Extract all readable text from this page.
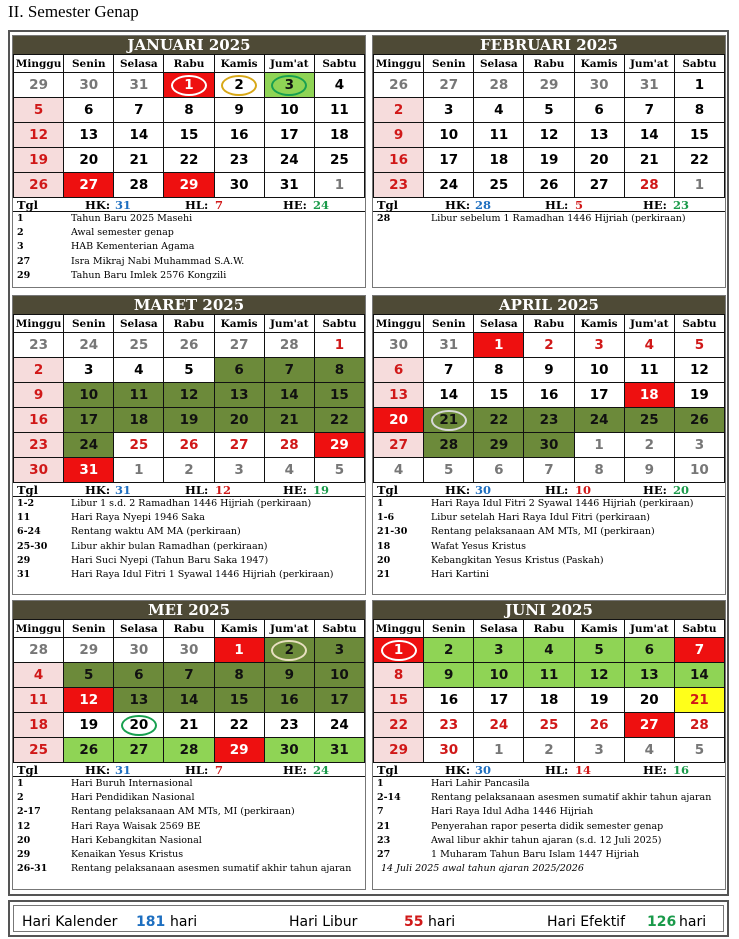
II. Semester Genap
JANUARI 2025
Minggu	Senin	Selasa	Rabu	Kamis	Jum'at	Sabtu
29	30	31	1	2	3	4
5	6	7	8	9	10	11
12	13	14	15	16	17	18
19	20	21	22	23	24	25
26	27	28	29	30	31	1
Tgl	HK: 31	HL: 7	HE: 24
1	Tahun Baru 2025 Masehi
2	Awal semester genap
3	HAB Kementerian Agama
27	Isra Mikraj Nabi Muhammad S.A.W.
29	Tahun Baru Imlek 2576 Kongzili
FEBRUARI 2025
Minggu	Senin	Selasa	Rabu	Kamis	Jum'at	Sabtu
26	27	28	29	30	31	1
2	3	4	5	6	7	8
9	10	11	12	13	14	15
16	17	18	19	20	21	22
23	24	25	26	27	28	1
Tgl	HK: 28	HL: 5	HE: 23
28	Libur sebelum 1 Ramadhan 1446 Hijriah (perkiraan)
MARET 2025
Minggu	Senin	Selasa	Rabu	Kamis	Jum'at	Sabtu
23	24	25	26	27	28	1
2	3	4	5	6	7	8
9	10	11	12	13	14	15
16	17	18	19	20	21	22
23	24	25	26	27	28	29
30	31	1	2	3	4	5
Tgl	HK: 31	HL: 12	HE: 19
1-2	Libur 1 s.d. 2 Ramadhan 1446 Hijriah (perkiraan)
11	Hari Raya Nyepi 1946 Saka
6-24	Rentang waktu AM MA (perkiraan)
25-30 Libur akhir bulan Ramadhan (perkiraan)
29	Hari Suci Nyepi (Tahun Baru Saka 1947)
31	Hari Raya Idul Fitri 1 Syawal 1446 Hijriah (perkiraan)
APRIL 2025
Minggu	Senin	Selasa	Rabu	Kamis	Jum'at	Sabtu
30	31	1	2	3	4	5
6	7	8	9	10	11	12
13	14	15	16	17	18	19
20	21	22	23	24	25	26
27	28	29	30	1	2	3
4	5	6	7	8	9	10
Tgl	HK: 30	HL: 10	HE: 20
1	Hari Raya Idul Fitri 2 Syawal 1446 Hijriah (perkiraan)
1-6	Libur setelah Hari Raya Idul Fitri (perkiraan)
21-30 Rentang pelaksanaan AM MTs, MI (perkiraan)
18	Wafat Yesus Kristus
20	Kebangkitan Yesus Kristus (Paskah)
21	Hari Kartini
MEI 2025
Minggu	Senin	Selasa	Rabu	Kamis	Jum'at	Sabtu
28	29	30	30	1	2	3
4	5	6	7	8	9	10
11	12	13	14	15	16	17
18	19	20	21	22	23	24
25	26	27	28	29	30	31
Tgl	HK: 31	HL: 7	HE: 24
1	Hari Buruh Internasional
2	Hari Pendidikan Nasional
2-17	Rentang pelaksanaan AM MTs, MI (perkiraan)
12	Hari Raya Waisak 2569 BE
20	Hari Kebangkitan Nasional
29	Kenaikan Yesus Kristus
26-31 Rentang pelaksanaan asesmen sumatif akhir tahun ajaran
JUNI 2025
Minggu	Senin	Selasa	Rabu	Kamis	Jum'at	Sabtu

1	2	3	4	5	6	7
8	9	10	11	12	13	14
15	16	17	18	19	20	21
22	23	24	25	26	27	28
29	30	1	2	3	4	5
Tgl	HK: 30	HL: 14	HE: 16
1	Hari Lahir Pancasila
2-14	Rentang pelaksanaan asesmen sumatif akhir tahun ajaran
7	Hari Raya Idul Adha 1446 Hijriah
21	Penyerahan rapor peserta didik semester genap
23	Awal libur akhir tahun ajaran (s.d. 12 Juli 2025)
27	1 Muharam Tahun Baru Islam 1447 Hijriah
14 Juli 2025 awal tahun ajaran 2025/2026
Hari Kalender 181 hari	Hari Libur	55 hari	Hari Efektif 126 hari
